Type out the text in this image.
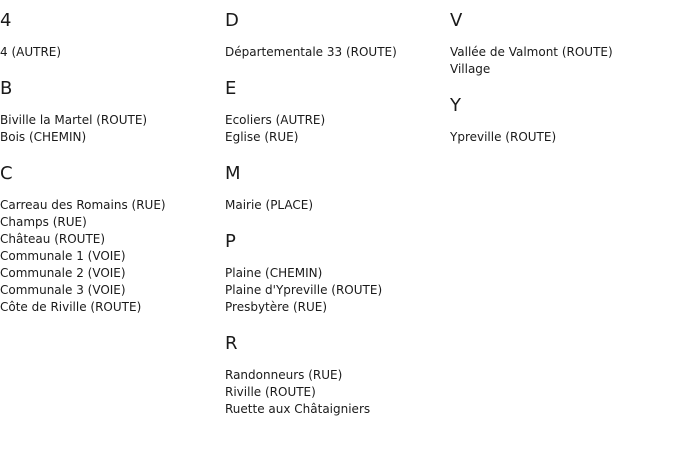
4
4 (AUTRE)
B
Biville la Martel (ROUTE)
Bois (CHEMIN)
C
Carreau des Romains (RUE)
Champs (RUE)
Château (ROUTE)
Communale 1 (VOIE)
Communale 2 (VOIE)
Communale 3 (VOIE)
Côte de Riville (ROUTE)
D
Départementale 33 (ROUTE)
E
Ecoliers (AUTRE)
Eglise (RUE)
M
Mairie (PLACE)
P
Plaine (CHEMIN)
Plaine d'Ypreville (ROUTE)
Presbytère (RUE)
R
Randonneurs (RUE)
Riville (ROUTE)
Ruette aux Châtaigniers
V
Vallée de Valmont (ROUTE)
Village
Y
Ypreville (ROUTE)
